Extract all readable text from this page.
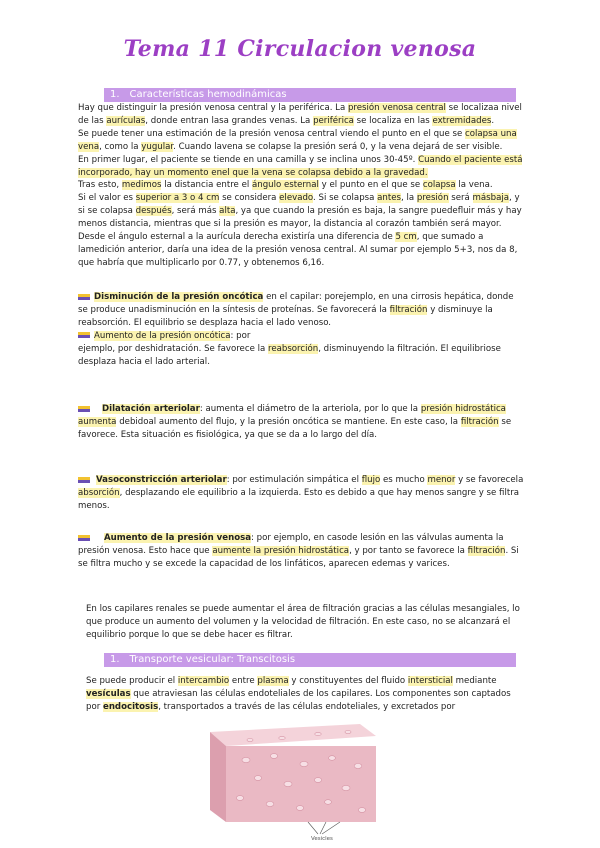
Tema 11 Circulacion venosa
1. Características hemodinámicas

Hay que distinguir la presión venosa central y la periférica. La presión venosa central se localizaa nivel de las aurículas, donde entran lasa grandes venas. La periférica se localiza en las extremidades.

Se puede tener una estimación de la presión venosa central viendo el punto en el que se colapsa una vena, como la yugular. Cuando lavena se colapse la presión será 0, y la vena dejará de ser visible.

En primer lugar, el paciente se tiende en una camilla y se inclina unos 30-45º. Cuando el paciente está incorporado, hay un momento enel que la vena se colapsa debido a la gravedad.

Tras esto, medimos la distancia entre el ángulo esternal y el punto en el que se colapsa la vena.

Si el valor es superior a 3 o 4 cm se considera elevado. Si se colapsa antes, la presión será másbaja, y si se colapsa después, será más alta, ya que cuando la presión es baja, la sangre puedefluir más y hay menos distancia, mientras que si la presión es mayor, la distancia al corazón también será mayor.

Desde el ángulo esternal a la aurícula derecha existiría una diferencia de 5 cm, que sumado a lamedición anterior, daría una idea de la presión venosa central. Al sumar por ejemplo 5+3, nos da 8, que habría que multiplicarlo por 0.77, y obtenemos 6,16.

Disminución de la presión oncótica en el capilar: porejemplo, en una cirrosis hepática, donde se produce unadisminución en la síntesis de proteínas. Se favorecerá la filtración y disminuye la reabsorción. El equilibrio se desplaza hacia el lado venoso.

Aumento de la presión oncótica: por

ejemplo, por deshidratación. Se favorece la reabsorción, disminuyendo la filtración. El equilibriose desplaza hacia el lado arterial.

Dilatación arteriolar: aumenta el diámetro de la arteriola, por lo que la presión hidrostática aumenta debidoal aumento del flujo, y la presión oncótica se mantiene. En este caso, la filtración se favorece. Esta situación es fisiológica, ya que se da a lo largo del día.

Vasoconstricción arteriolar: por estimulación simpática el flujo es mucho menor y se favorecela absorción, desplazando ele equilibrio a la izquierda. Esto es debido a que hay menos sangre y se filtra menos.

Aumento de la presión venosa: por ejemplo, en casode lesión en las válvulas aumenta la presión venosa. Esto hace que aumente la presión hidrostática, y por tanto se favorece la filtración. Si se filtra mucho y se excede la capacidad de los linfáticos, aparecen edemas y varices.

En los capilares renales se puede aumentar el área de filtración gracias a las células mesangiales, lo que produce un aumento del volumen y la velocidad de filtración. En este caso, no se alcanzará el equilibrio porque lo que se debe hacer es filtrar.

1. Transporte vesicular: Transcitosis

Se puede producir el intercambio entre plasma y constituyentes del fluido intersticial mediante vesículas que atraviesan las células endoteliales de los capilares. Los componentes son captados por endocitosis, transportados a través de las células endoteliales, y excretados por

Vesicles
